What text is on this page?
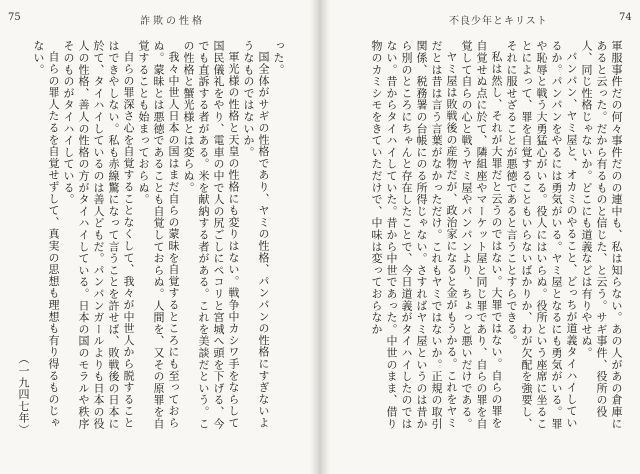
75	詐欺の性格

った。

国全体がサギの性格であり、ヤミの性格、パンパンの性格にすぎないようなものではないか。

軍光様の性格と天皇の性格にも変りはない。戦争中カシワ手をならして国民儀礼をやり、電車の中で人の尻ごしにペコリと宮城へ頭を下げる、今でも直訴する者がある。米を献納する者がある。これを美談だという。この性格と蟹光様とは変らぬ。

我々中世人日本の国はまだ自らの蒙昧を自覚するところにも至っておらぬ。蒙昧とは悪徳であることも自覚しておらぬ。人間を、又その原罪を自覚することも始まっておらぬ。

自らの罪深さ心を自覚することなくして、我々が中世人から脱することはできやしない。私も赤線驚になって言うことを許せば、敗戦後の日本に於て、タイハイしているのは善人どもだ。パンパンガールよりも日本の役人の性格、善人の性格の方がタイハイしている。日本の国のモラルや秩序そのものがタイハイしている。

自らの罪人たるを自覚せずして、真実の思想も理想も有り得るものじゃない。

（一九四七年）

不良少年とキリスト	74

軍服事件だの何々事件だのの連中も、私は知らない。あの人があの倉庫にあると云った。だから有るものと信じた、と云う。サギ事件、役所の役人、同じ性格じゃないか。どこにも道義などは有りやせぬ。

パンパン、ヤミ屋と、オカミのやること、どっちが道義タイハイしているか。パンパンをやるには勇気がいる。ヤミ屋となるにも勇気がいる。罪や恥辱と戦う大勇猛心がいる。役人にはいらぬ。役所という座席に坐ることによって、罪を自覚することもいらないばかりか、わが欠配を強要し、それに服せざることが悪徳であると言うことすらできる。

私は然し、それが大罪だと云うのではない。大罪ではない。自らの罪を自覚せぬ点に於て、隣組座やマーケット屋と同じ罪であり、自らの罪を自覚して自らの心と戦うヤミ屋やパンパンより、ちょっと悪いだけである。

ヤミ屋は敗戦後の産物だが、政治家になると金がもうかる。これをヤミだとは昔は言う言葉がなかっただけ。これもヤミではないか。正規の取引関係、税務署の台帳にのる所得じゃない。さすればヤミ屋というのは昔から別のところにちゃんと存在したことで、今日道義がタイハイしたのではない。昔からタイハイしていた。昔から中世であった。中世のまま、借り物のカミシモをきていただけで、中味は変っておらなか
